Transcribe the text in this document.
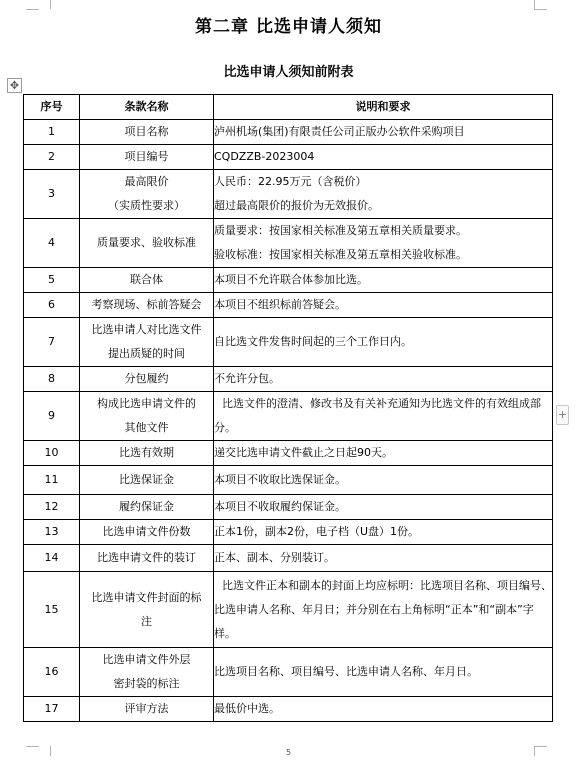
第二章 比选申请人须知
比选申请人须知前附表
✥
+
序号	条款名称	说明和要求
1	项目名称	泸州机场(集团)有限责任公司正版办公软件采购项目

2	项目编号	CQDZZB-2023004

3	最高限价
（实质性要求）	人民币：22.95万元（含税价）
超过最高限价的报价为无效报价。

4	质量要求、验收标准	质量要求：按国家相关标准及第五章相关质量要求。
验收标准：按国家相关标准及第五章相关验收标准。

5	联合体	本项目不允许联合体参加比选。

6	考察现场、标前答疑会	本项目不组织标前答疑会。

7	比选申请人对比选文件
提出质疑的时间	自比选文件发售时间起的三个工作日内。

8	分包履约	不允许分包。

9	构成比选申请文件的
其他文件	比选文件的澄清、修改书及有关补充通知为比选文件的有效组成部分。

10	比选有效期	递交比选申请文件截止之日起90天。

11	比选保证金	本项目不收取比选保证金。

12	履约保证金	本项目不收取履约保证金。

13	比选申请文件份数	正本1份，副本2份，电子档（U盘）1份。

14	比选申请文件的装订	正本、副本、分别装订。

15	比选申请文件封面的标
注	比选文件正本和副本的封面上均应标明：比选项目名称、项目编号、比选申请人名称、年月日；并分别在右上角标明“正本”和“副本”字样。

16	比选申请文件外层
密封袋的标注	比选项目名称、项目编号、比选申请人名称、年月日。

17	评审方法	最低价中选。
5
